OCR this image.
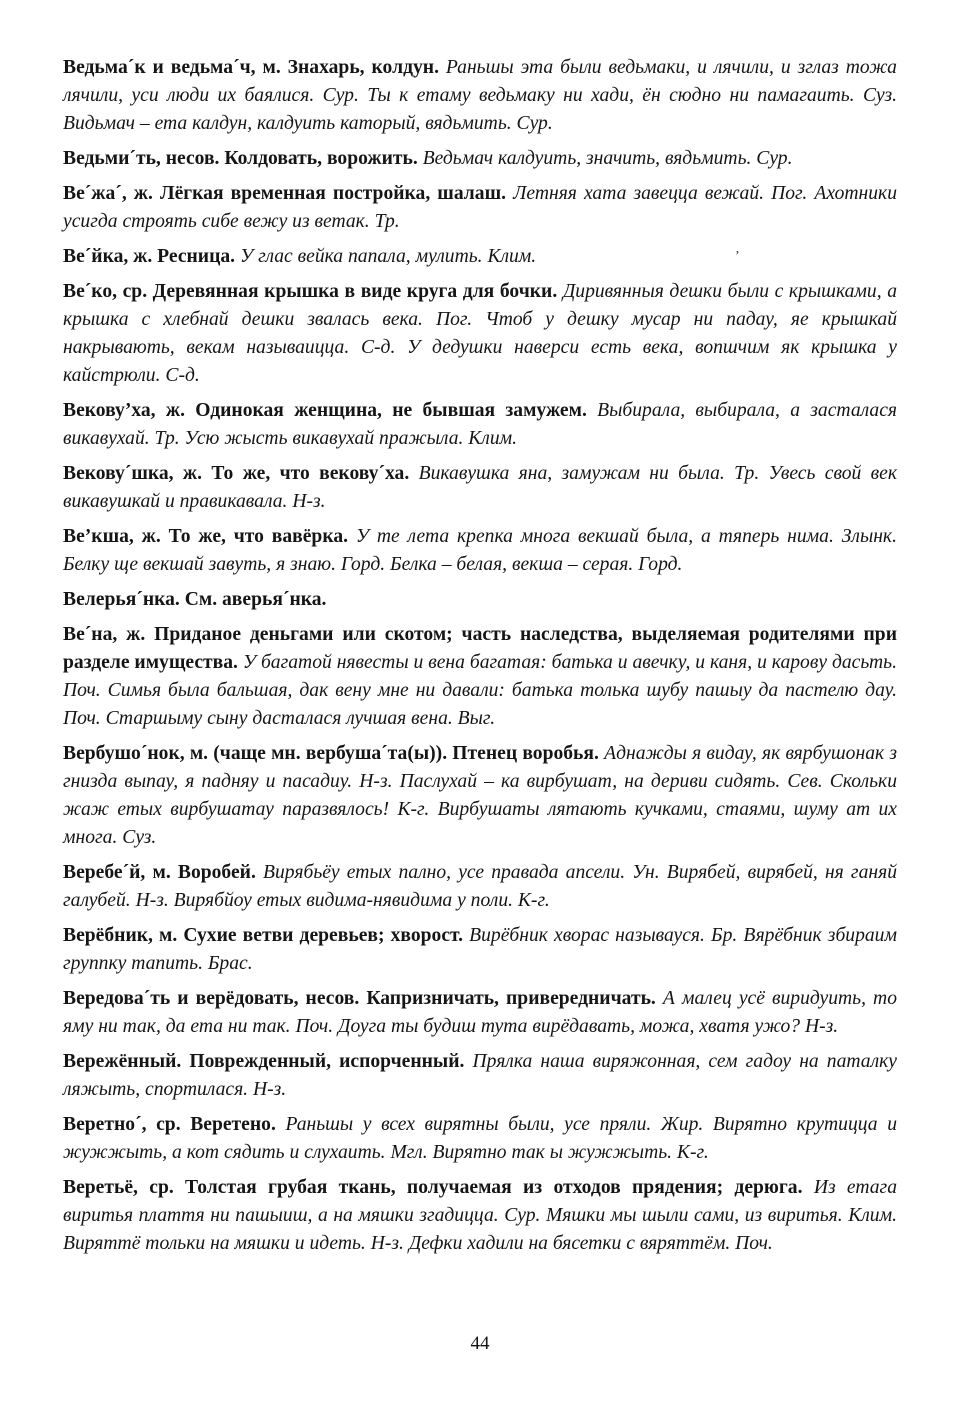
Ведьма´к и ведьма´ч, м. Знахарь, колдун. Раньшы эта были ведьмаки, и лячили, и зглаз тожа лячили, уси люди их баялися. Сур. Ты к етаму ведьмаку ни хади, ён сюдно ни памагаить. Суз. Видьмач – ета калдун, калдуить каторый, вядьмить. Сур.

Ведьми´ть, несов. Колдовать, ворожить. Ведьмач калдуить, значить, вядьмить. Сур.

Ве´жа´, ж. Лёгкая временная постройка, шалаш. Летняя хата завецца вежай. Пог. Ахотники усигда строять сибе вежу из ветак. Тр.

Ве´йка, ж. Ресница. У глас вейка папала, мулить. Клим.

Ве´ко, ср. Деревянная крышка в виде круга для бочки. Диривянныя дешки были с крышками, а крышка с хлебнай дешки звалась века. Пог. Чтоб у дешку мусар ни падау, яе крышкай накрывають, векам называицца. С-д. У дедушки наверси есть века, вопшчим як крышка у кайстрюли. С-д.

Векову’ха, ж. Одинокая женщина, не бывшая замужем. Выбирала, выбирала, а засталася викавухай. Тр. Усю жысть викавухай пражыла. Клим.

Векову´шка, ж. То же, что векову´ха. Викавушка яна, замужам ни была. Тр. Увесь свой век викавушкай и правикавала. Н-з.

Ве’кша, ж. То же, что вавёрка. У те лета крепка многа векшай была, а тяперь нима. Злынк. Белку ще векшай завуть, я знаю. Горд. Белка – белая, векша – серая. Горд.

Велерья´нка. См. аверья´нка.

Ве´на, ж. Приданое деньгами или скотом; часть наследства, выделяемая родителями при разделе имущества. У багатой нявесты и вена багатая: батька и авечку, и каня, и карову дасьть. Поч. Симья была бальшая, дак вену мне ни давали: батька толька шубу пашыу да пастелю дау. Поч. Старшыму сыну дасталася лучшая вена. Выг.

Вербушо´нок, м. (чаще мн. вербуша´та(ы)). Птенец воробья. Аднажды я видау, як вярбушонак з гнизда выпау, я падняу и пасадиу. Н-з. Паслухай – ка вирбушат, на дериви сидять. Сев. Скольки жаж етых вирбушатау паразвялось! К-г. Вирбушаты лятають кучками, стаями, шуму ат их многа. Суз.

Веребе´й, м. Воробей. Вирябьёу етых пално, усе правада апсели. Ун. Вирябей, вирябей, ня ганяй галубей. Н-з. Вирябйоу етых видима-нявидима у поли. К-г.

Верёбник, м. Сухие ветви деревьев; хворост. Вирёбник хворас называуся. Бр. Вярёбник збираим группку тапить. Брас.

Вередова´ть и верёдовать, несов. Капризничать, привередничать. А малец усё виридуить, то яму ни так, да ета ни так. Поч. Доуга ты будиш тута вирёдавать, можа, хватя ужо? Н-з.

Вережённый. Поврежденный, испорченный. Прялка наша виряжонная, сем гадоу на паталку ляжыть, спортилася. Н-з.

Веретно´, ср. Веретено. Раньшы у всех вирятны были, усе пряли. Жир. Вирятно крутицца и жужжыть, а кот сядить и слухаить. Мгл. Вирятно так ы жужжыть. К-г.

Веретьё, ср. Толстая грубая ткань, получаемая из отходов прядения; дерюга. Из етага виритья плаття ни пашыиш, а на мяшки згадицца. Сур. Мяшки мы шыли сами, из виритья. Клим. Виряттё тольки на мяшки и идеть. Н-з. Дефки хадили на бясетки с вяряттём. Поч.

’
44
